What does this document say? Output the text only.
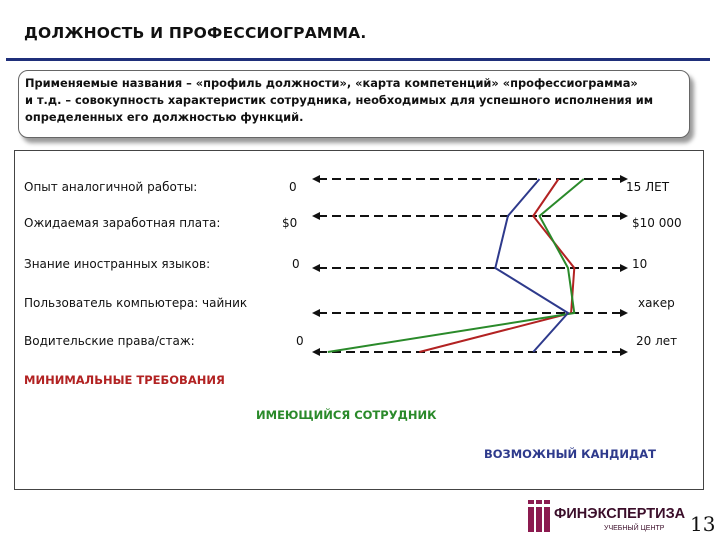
ДОЛЖНОСТЬ И ПРОФЕССИОГРАММА.
Применяемые названия – «профиль должности», «карта компетенций» «профессиограмма»
и т.д. – совокупность характеристик сотрудника, необходимых для успешного исполнения им
определенных его должностью функций.
Опыт аналогичной работы:	0	15 ЛЕТ
Ожидаемая заработная плата:	$0	$10 000
Знание иностранных языков:	0	10
Пользователь компьютера: чайник	хакер
Водительские права/стаж:	0	20 лет
МИНИМАЛЬНЫЕ ТРЕБОВАНИЯ
ИМЕЮЩИЙСЯ СОТРУДНИК
ВОЗМОЖНЫЙ КАНДИДАТ
ФИНЭКСПЕРТИЗА
УЧЕБНЫЙ ЦЕНТР 13
